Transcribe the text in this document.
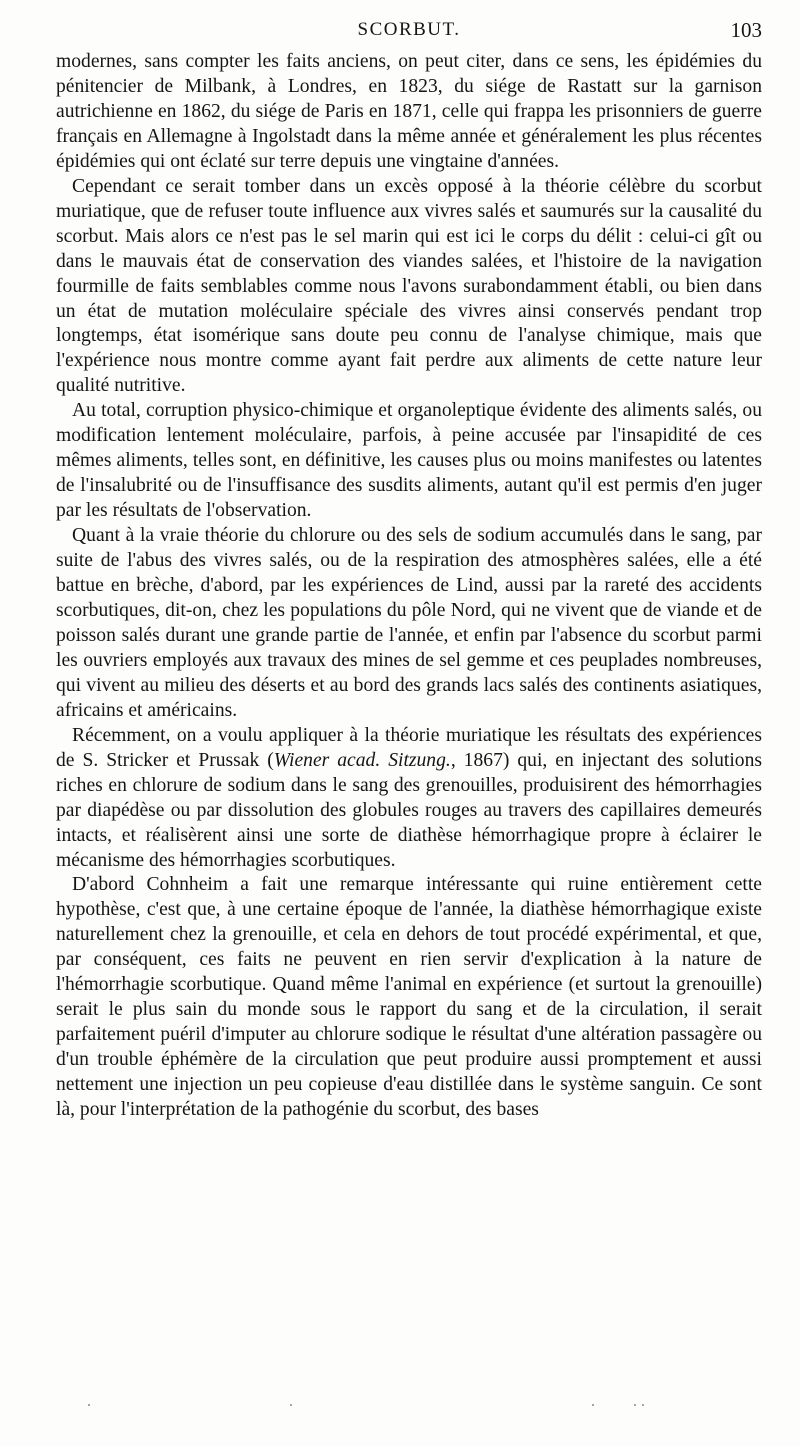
SCORBUT.	103

modernes, sans compter les faits anciens, on peut citer, dans ce sens, les épidémies du pénitencier de Milbank, à Londres, en 1823, du siége de Rastatt sur la garnison autrichienne en 1862, du siége de Paris en 1871, celle qui frappa les prisonniers de guerre français en Allemagne à Ingolstadt dans la même année et généralement les plus récentes épidémies qui ont éclaté sur terre depuis une vingtaine d'années.

Cependant ce serait tomber dans un excès opposé à la théorie célèbre du scorbut muriatique, que de refuser toute influence aux vivres salés et saumurés sur la causalité du scorbut. Mais alors ce n'est pas le sel marin qui est ici le corps du délit : celui-ci gît ou dans le mauvais état de conservation des viandes salées, et l'histoire de la navigation fourmille de faits semblables comme nous l'avons surabondamment établi, ou bien dans un état de mutation moléculaire spéciale des vivres ainsi conservés pendant trop longtemps, état isomérique sans doute peu connu de l'analyse chimique, mais que l'expérience nous montre comme ayant fait perdre aux aliments de cette nature leur qualité nutritive.

Au total, corruption physico-chimique et organoleptique évidente des aliments salés, ou modification lentement moléculaire, parfois, à peine accusée par l'insapidité de ces mêmes aliments, telles sont, en définitive, les causes plus ou moins manifestes ou latentes de l'insalubrité ou de l'insuffisance des susdits aliments, autant qu'il est permis d'en juger par les résultats de l'observation.

Quant à la vraie théorie du chlorure ou des sels de sodium accumulés dans le sang, par suite de l'abus des vivres salés, ou de la respiration des atmosphères salées, elle a été battue en brèche, d'abord, par les expériences de Lind, aussi par la rareté des accidents scorbutiques, dit-on, chez les populations du pôle Nord, qui ne vivent que de viande et de poisson salés durant une grande partie de l'année, et enfin par l'absence du scorbut parmi les ouvriers employés aux travaux des mines de sel gemme et ces peuplades nombreuses, qui vivent au milieu des déserts et au bord des grands lacs salés des continents asiatiques, africains et américains.

Récemment, on a voulu appliquer à la théorie muriatique les résultats des expériences de S. Stricker et Prussak (Wiener acad. Sitzung., 1867) qui, en injectant des solutions riches en chlorure de sodium dans le sang des grenouilles, produisirent des hémorrhagies par diapédèse ou par dissolution des globules rouges au travers des capillaires demeurés intacts, et réalisèrent ainsi une sorte de diathèse hémorrhagique propre à éclairer le mécanisme des hémorrhagies scorbutiques.

D'abord Cohnheim a fait une remarque intéressante qui ruine entièrement cette hypothèse, c'est que, à une certaine époque de l'année, la diathèse hémorrhagique existe naturellement chez la grenouille, et cela en dehors de tout procédé expérimental, et que, par conséquent, ces faits ne peuvent en rien servir d'explication à la nature de l'hémorrhagie scorbutique. Quand même l'animal en expérience (et surtout la grenouille) serait le plus sain du monde sous le rapport du sang et de la circulation, il serait parfaitement puéril d'imputer au chlorure sodique le résultat d'une altération passagère ou d'un trouble éphémère de la circulation que peut produire aussi promptement et aussi nettement une injection un peu copieuse d'eau distillée dans le système sanguin. Ce sont là, pour l'interprétation de la pathogénie du scorbut, des bases
